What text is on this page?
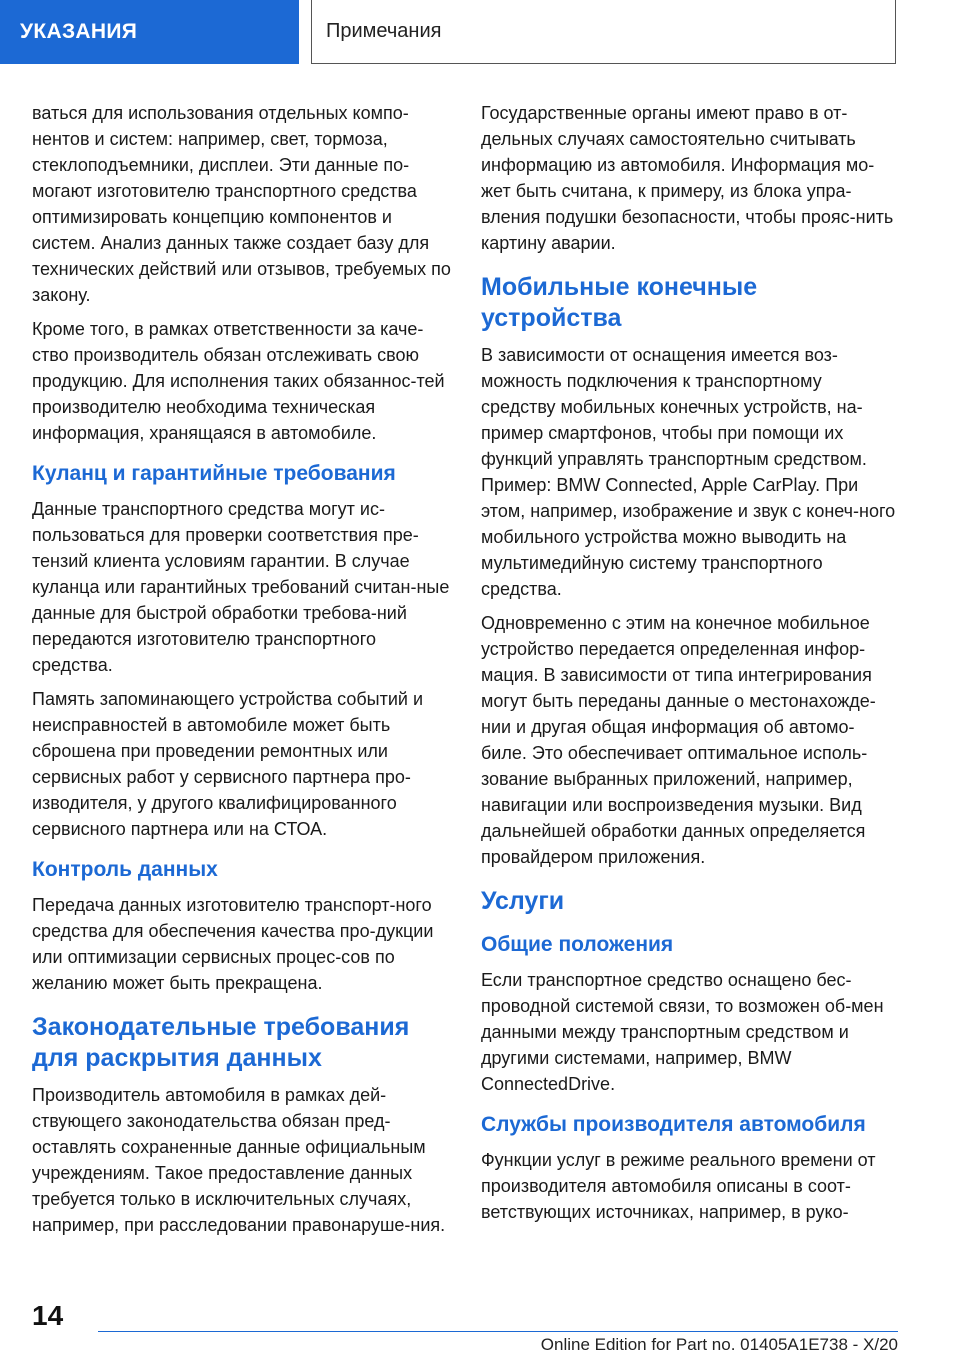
УКАЗАНИЯ	Примечания

ваться для использования отдельных компо-нентов и систем: например, свет, тормоза, стеклоподъемники, дисплеи. Эти данные по-могают изготовителю транспортного средства оптимизировать концепцию компонентов и систем. Анализ данных также создает базу для технических действий или отзывов, требуемых по закону.

Кроме того, в рамках ответственности за каче-ство производитель обязан отслеживать свою продукцию. Для исполнения таких обязаннос-тей производителю необходима техническая информация, хранящаяся в автомобиле.

Куланц и гарантийные требования

Данные транспортного средства могут ис-пользоваться для проверки соответствия пре-тензий клиента условиям гарантии. В случае куланца или гарантийных требований считан-ные данные для быстрой обработки требова-ний передаются изготовителю транспортного средства.

Память запоминающего устройства событий и неисправностей в автомобиле может быть сброшена при проведении ремонтных или сервисных работ у сервисного партнера про-изводителя, у другого квалифицированного сервисного партнера или на СТОА.

Контроль данных

Передача данных изготовителю транспорт-ного средства для обеспечения качества про-дукции или оптимизации сервисных процес-сов по желанию может быть прекращена.

Законодательные требования для раскрытия данных

Производитель автомобиля в рамках дей-ствующего законодательства обязан пред-оставлять сохраненные данные официальным учреждениям. Такое предоставление данных требуется только в исключительных случаях, например, при расследовании правонаруше-ния.

Государственные органы имеют право в от-дельных случаях самостоятельно считывать информацию из автомобиля. Информация мо-жет быть считана, к примеру, из блока упра-вления подушки безопасности, чтобы прояс-нить картину аварии.

Мобильные конечные устройства

В зависимости от оснащения имеется воз-можность подключения к транспортному средству мобильных конечных устройств, на-пример смартфонов, чтобы при помощи их функций управлять транспортным средством. Пример: BMW Connected, Apple CarPlay. При этом, например, изображение и звук с конеч-ного мобильного устройства можно выводить на мультимедийную систему транспортного средства.

Одновременно с этим на конечное мобильное устройство передается определенная инфор-мация. В зависимости от типа интегрирования могут быть переданы данные о местонахожде-нии и другая общая информация об автомо-биле. Это обеспечивает оптимальное исполь-зование выбранных приложений, например, навигации или воспроизведения музыки. Вид дальнейшей обработки данных определяется провайдером приложения.

Услуги
Общие положения

Если транспортное средство оснащено бес-проводной системой связи, то возможен об-мен данными между транспортным средством и другими системами, например, BMW ConnectedDrive.

Службы производителя автомобиля

Функции услуг в режиме реального времени от производителя автомобиля описаны в соот-ветствующих источниках, например, в руко-

14
Online Edition for Part no. 01405A1E738 - X/20
